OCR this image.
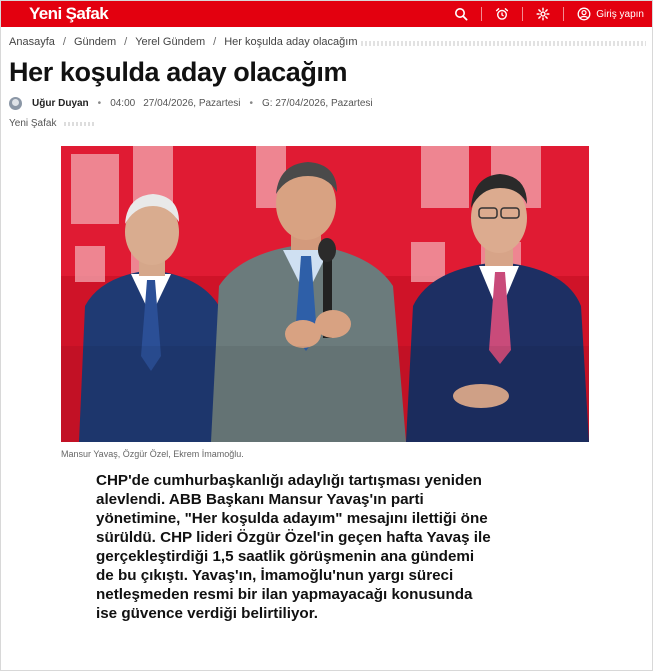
Yeni Şafak	Giriş yapın
Anasayfa / Gündem / Yerel Gündem / Her koşulda aday olacağım
Her koşulda aday olacağım
Uğur Duyan • 04:00 27/04/2026, Pazartesi • G: 27/04/2026, Pazartesi
Yeni Şafak
Mansur Yavaş, Özgür Özel, Ekrem İmamoğlu.

CHP'de cumhurbaşkanlığı adaylığı tartışması yeniden alevlendi. ABB Başkanı Mansur Yavaş'ın parti yönetimine, "Her koşulda adayım" mesajını ilettiği öne sürüldü. CHP lideri Özgür Özel'in geçen hafta Yavaş ile gerçekleştirdiği 1,5 saatlik görüşmenin ana gündemi de bu çıkıştı. Yavaş'ın, İmamoğlu'nun yargı süreci netleşmeden resmi bir ilan yapmayacağı konusunda ise güvence verdiği belirtiliyor.
